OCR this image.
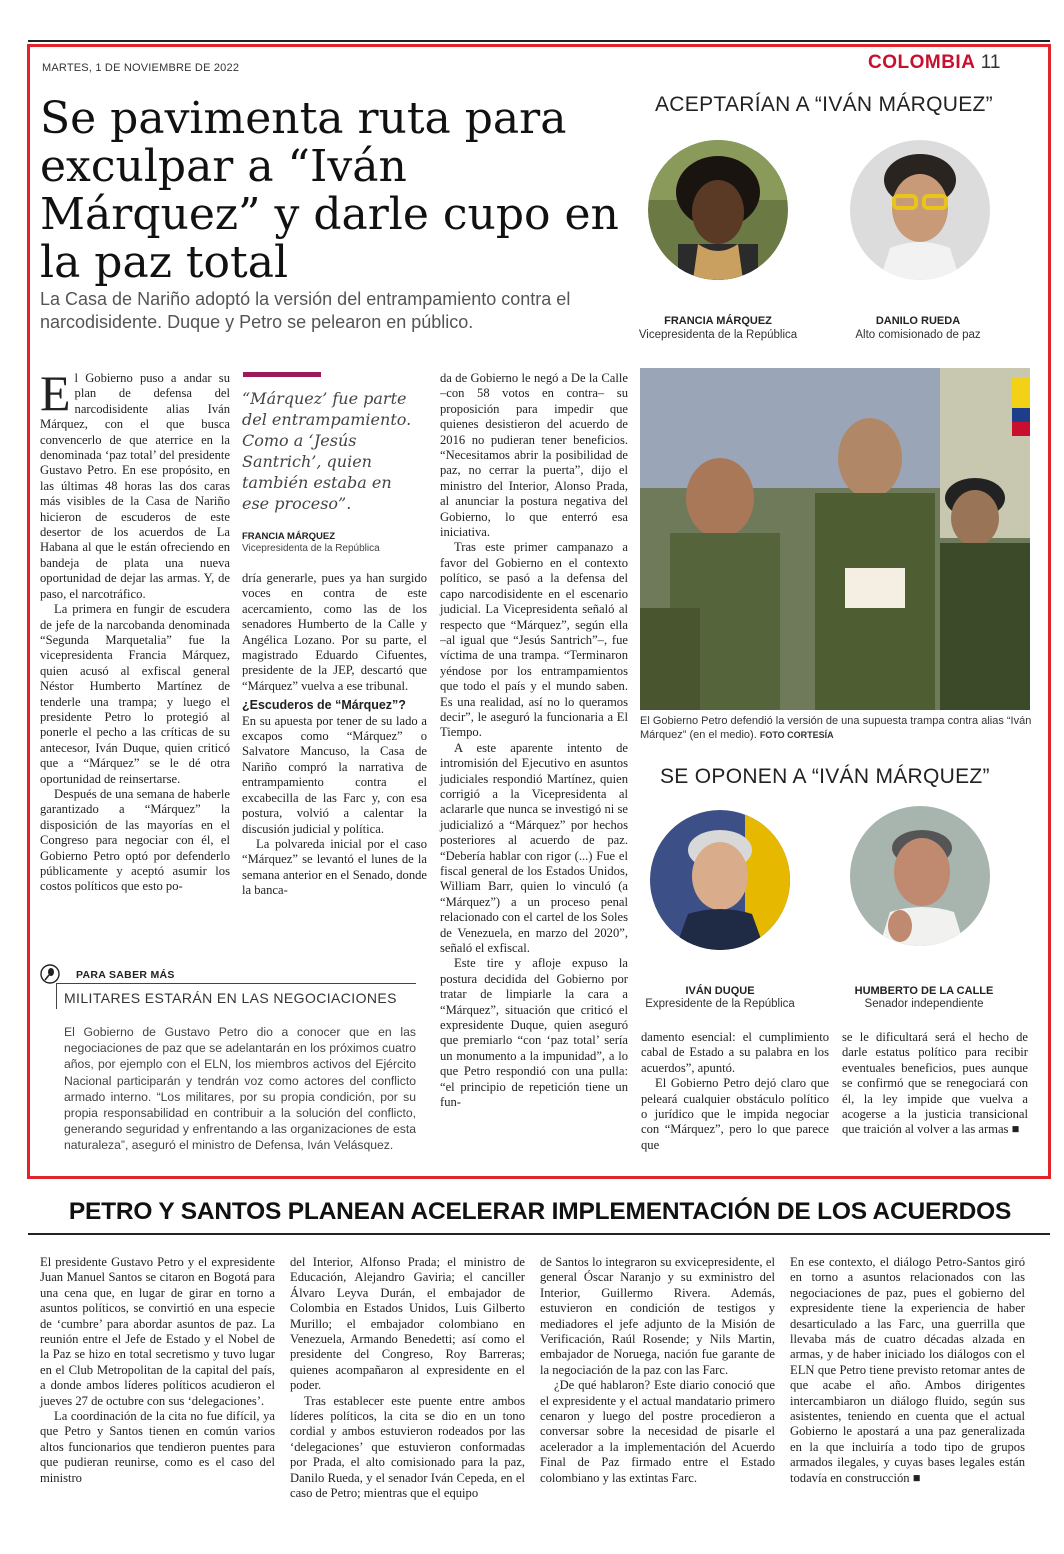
MARTES, 1 DE NOVIEMBRE DE 2022	COLOMBIA 11
Se pavimenta ruta para exculpar a “Iván Márquez” y darle cupo en la paz total
La Casa de Nariño adoptó la versión del entrampamiento contra el narcodisidente. Duque y Petro se pelearon en público.
ACEPTARÍAN A “IVÁN MÁRQUEZ”
FRANCIA MÁRQUEZ
Vicepresidenta de la República
DANILO RUEDA
Alto comisionado de paz

El Gobierno puso a andar su plan de defensa del narcodisidente alias Iván Márquez, con el que busca convencerlo de que aterrice en la denominada ‘paz total’ del presidente Gustavo Petro. En ese propósito, en las últimas 48 horas las dos caras más visibles de la Casa de Nariño hicieron de escuderos de este desertor de los acuerdos de La Habana al que le están ofreciendo en bandeja de plata una nueva oportunidad de dejar las armas. Y, de paso, el narcotráfico.

La primera en fungir de escudera de jefe de la narcobanda denominada “Segunda Marquetalia” fue la vicepresidenta Francia Márquez, quien acusó al exfiscal general Néstor Humberto Martínez de tenderle una trampa; y luego el presidente Petro lo protegió al ponerle el pecho a las críticas de su antecesor, Iván Duque, quien criticó que a “Márquez” se le dé otra oportunidad de reinsertarse.

Después de una semana de haberle garantizado a “Márquez” la disposición de las mayorías en el Congreso para negociar con él, el Gobierno Petro optó por defenderlo públicamente y aceptó asumir los costos políticos que esto po-

“Márquez’ fue parte del entrampamiento. Como a ‘Jesús Santrich’, quien también estaba en ese proceso”.
FRANCIA MÁRQUEZ
Vicepresidenta de la República

dría generarle, pues ya han surgido voces en contra de este acercamiento, como las de los senadores Humberto de la Calle y Angélica Lozano. Por su parte, el magistrado Eduardo Cifuentes, presidente de la JEP, descartó que “Márquez” vuelva a ese tribunal.

¿Escuderos de “Márquez”?

En su apuesta por tener de su lado a excapos como “Márquez” o Salvatore Mancuso, la Casa de Nariño compró la narrativa de entrampamiento contra el excabecilla de las Farc y, con esa postura, volvió a calentar la discusión judicial y política.

La polvareda inicial por el caso “Márquez” se levantó el lunes de la semana anterior en el Senado, donde la banca-

da de Gobierno le negó a De la Calle –con 58 votos en contra– su proposición para impedir que quienes desistieron del acuerdo de 2016 no pudieran tener beneficios. “Necesitamos abrir la posibilidad de paz, no cerrar la puerta”, dijo el ministro del Interior, Alonso Prada, al anunciar la postura negativa del Gobierno, lo que enterró esa iniciativa.

Tras este primer campanazo a favor del Gobierno en el contexto político, se pasó a la defensa del capo narcodisidente en el escenario judicial. La Vicepresidenta señaló al respecto que “Márquez”, según ella –al igual que “Jesús Santrich”–, fue víctima de una trampa. “Terminaron yéndose por los entrampamientos que todo el país y el mundo saben. Es una realidad, así no lo queramos decir”, le aseguró la funcionaria a El Tiempo.

A este aparente intento de intromisión del Ejecutivo en asuntos judiciales respondió Martínez, quien corrigió a la Vicepresidenta al aclararle que nunca se investigó ni se judicializó a “Márquez” por hechos posteriores al acuerdo de paz. “Debería hablar con rigor (...) Fue el fiscal general de los Estados Unidos, William Barr, quien lo vinculó (a “Márquez”) a un proceso penal relacionado con el cartel de los Soles de Venezuela, en marzo del 2020”, señaló el exfiscal.

Este tire y afloje expuso la postura decidida del Gobierno por tratar de limpiarle la cara a “Márquez”, situación que criticó el expresidente Duque, quien aseguró que premiarlo “con ‘paz total’ sería un monumento a la impunidad”, a lo que Petro respondió con una pulla: “el principio de repetición tiene un fun-

El Gobierno Petro defendió la versión de una supuesta trampa contra alias “Iván Márquez” (en el medio). FOTO CORTESÍA
SE OPONEN A “IVÁN MÁRQUEZ”
IVÁN DUQUE
Expresidente de la República
HUMBERTO DE LA CALLE
Senador independiente

damento esencial: el cumplimiento cabal de Estado a su palabra en los acuerdos”, apuntó.

El Gobierno Petro dejó claro que peleará cualquier obstáculo político o jurídico que le impida negociar con “Márquez”, pero lo que parece que

se le dificultará será el hecho de darle estatus político para recibir eventuales beneficios, pues aunque se confirmó que se renegociará con él, la ley impide que vuelva a acogerse a la justicia transicional que traición al volver a las armas ■

PARA SABER MÁS
MILITARES ESTARÁN EN LAS NEGOCIACIONES
El Gobierno de Gustavo Petro dio a conocer que en las negociaciones de paz que se adelantarán en los próximos cuatro años, por ejemplo con el ELN, los miembros activos del Ejército Nacional participarán y tendrán voz como actores del conflicto armado interno. “Los militares, por su propia condición, por su propia responsabilidad en contribuir a la solución del conflicto, generando seguridad y enfrentando a las organizaciones de esta naturaleza”, aseguró el ministro de Defensa, Iván Velásquez.
PETRO Y SANTOS PLANEAN ACELERAR IMPLEMENTACIÓN DE LOS ACUERDOS

El presidente Gustavo Petro y el expresidente Juan Manuel Santos se citaron en Bogotá para una cena que, en lugar de girar en torno a asuntos políticos, se convirtió en una especie de ‘cumbre’ para abordar asuntos de paz. La reunión entre el Jefe de Estado y el Nobel de la Paz se hizo en total secretismo y tuvo lugar en el Club Metropolitan de la capital del país, a donde ambos líderes políticos acudieron el jueves 27 de octubre con sus ‘delegaciones’.

La coordinación de la cita no fue difícil, ya que Petro y Santos tienen en común varios altos funcionarios que tendieron puentes para que pudieran reunirse, como es el caso del ministro

del Interior, Alfonso Prada; el ministro de Educación, Alejandro Gaviria; el canciller Álvaro Leyva Durán, el embajador de Colombia en Estados Unidos, Luis Gilberto Murillo; el embajador colombiano en Venezuela, Armando Benedetti; así como el presidente del Congreso, Roy Barreras; quienes acompañaron al expresidente en el poder.

Tras establecer este puente entre ambos líderes políticos, la cita se dio en un tono cordial y ambos estuvieron rodeados por las ‘delegaciones’ que estuvieron conformadas por Prada, el alto comisionado para la paz, Danilo Rueda, y el senador Iván Cepeda, en el caso de Petro; mientras que el equipo

de Santos lo integraron su exvicepresidente, el general Óscar Naranjo y su exministro del Interior, Guillermo Rivera. Además, estuvieron en condición de testigos y mediadores el jefe adjunto de la Misión de Verificación, Raúl Rosende; y Nils Martin, embajador de Noruega, nación fue garante de la negociación de la paz con las Farc.

¿De qué hablaron? Este diario conoció que el expresidente y el actual mandatario primero cenaron y luego del postre procedieron a conversar sobre la necesidad de pisarle el acelerador a la implementación del Acuerdo Final de Paz firmado entre el Estado colombiano y las extintas Farc.

En ese contexto, el diálogo Petro-Santos giró en torno a asuntos relacionados con las negociaciones de paz, pues el gobierno del expresidente tiene la experiencia de haber desarticulado a las Farc, una guerrilla que llevaba más de cuatro décadas alzada en armas, y de haber iniciado los diálogos con el ELN que Petro tiene previsto retomar antes de que acabe el año. Ambos dirigentes intercambiaron un diálogo fluido, según sus asistentes, teniendo en cuenta que el actual Gobierno le apostará a una paz generalizada en la que incluiría a todo tipo de grupos armados ilegales, y cuyas bases legales están todavía en construcción ■
